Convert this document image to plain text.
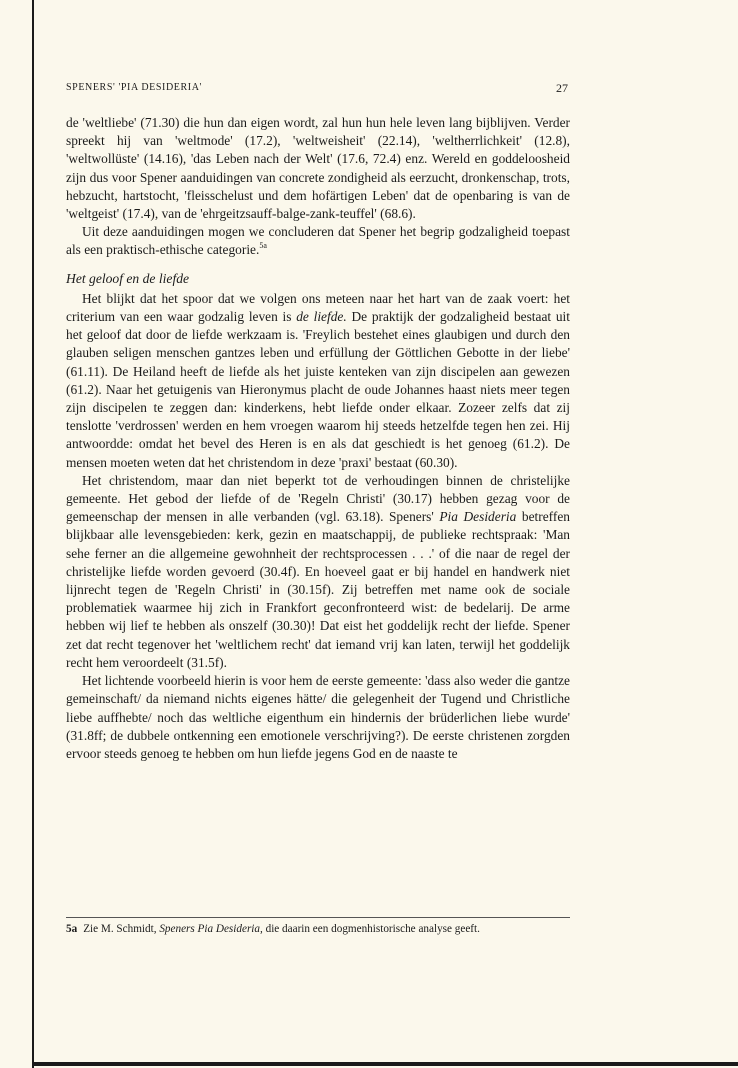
SPENERS' 'PIA DESIDERIA'	27

de 'weltliebe' (71.30) die hun dan eigen wordt, zal hun hun hele leven lang bijblijven. Verder spreekt hij van 'weltmode' (17.2), 'weltweisheit' (22.14), 'weltherrlichkeit' (12.8), 'weltwollüste' (14.16), 'das Leben nach der Welt' (17.6, 72.4) enz. Wereld en goddeloosheid zijn dus voor Spener aanduidingen van concrete zondigheid als eerzucht, dronkenschap, trots, hebzucht, hartstocht, 'fleisschelust und dem hofärtigen Leben' dat de openbaring is van de 'weltgeist' (17.4), van de 'ehrgeitzsauff-balge-zank-teuffel' (68.6).

Uit deze aanduidingen mogen we concluderen dat Spener het begrip godzaligheid toepast als een praktisch-ethische categorie.$^{5a}$

Het geloof en de liefde

Het blijkt dat het spoor dat we volgen ons meteen naar het hart van de zaak voert: het criterium van een waar godzalig leven is de liefde. De praktijk der godzaligheid bestaat uit het geloof dat door de liefde werkzaam is. 'Freylich bestehet eines glaubigen und durch den glauben seligen menschen gantzes leben und erfüllung der Göttlichen Gebotte in der liebe' (61.11). De Heiland heeft de liefde als het juiste kenteken van zijn discipelen aan gewezen (61.2). Naar het getuigenis van Hieronymus placht de oude Johannes haast niets meer tegen zijn discipelen te zeggen dan: kinderkens, hebt liefde onder elkaar. Zozeer zelfs dat zij tenslotte 'verdrossen' werden en hem vroegen waarom hij steeds hetzelfde tegen hen zei. Hij antwoordde: omdat het bevel des Heren is en als dat geschiedt is het genoeg (61.2). De mensen moeten weten dat het christendom in deze 'praxi' bestaat (60.30).

Het christendom, maar dan niet beperkt tot de verhoudingen binnen de christelijke gemeente. Het gebod der liefde of de 'Regeln Christi' (30.17) hebben gezag voor de gemeenschap der mensen in alle verbanden (vgl. 63.18). Speners' Pia Desideria betreffen blijkbaar alle levensgebieden: kerk, gezin en maatschappij, de publieke rechtspraak: 'Man sehe ferner an die allgemeine gewohnheit der rechtsprocessen . . .' of die naar de regel der christelijke liefde worden gevoerd (30.4f). En hoeveel gaat er bij handel en handwerk niet lijnrecht tegen de 'Regeln Christi' in (30.15f). Zij betreffen met name ook de sociale problematiek waarmee hij zich in Frankfort geconfronteerd wist: de bedelarij. De arme hebben wij lief te hebben als onszelf (30.30)! Dat eist het goddelijk recht der liefde. Spener zet dat recht tegenover het 'weltlichem recht' dat iemand vrij kan laten, terwijl het goddelijk recht hem veroordeelt (31.5f).

Het lichtende voorbeeld hierin is voor hem de eerste gemeente: 'dass also weder die gantze gemeinschaft/ da niemand nichts eigenes hätte/ die gelegenheit der Tugend und Christliche liebe auffhebte/ noch das weltliche eigenthum ein hindernis der brüderlichen liebe wurde' (31.8ff; de dubbele ontkenning een emotionele verschrijving?). De eerste christenen zorgden ervoor steeds genoeg te hebben om hun liefde jegens God en de naaste te

5a Zie M. Schmidt, Speners Pia Desideria, die daarin een dogmenhistorische analyse geeft.
